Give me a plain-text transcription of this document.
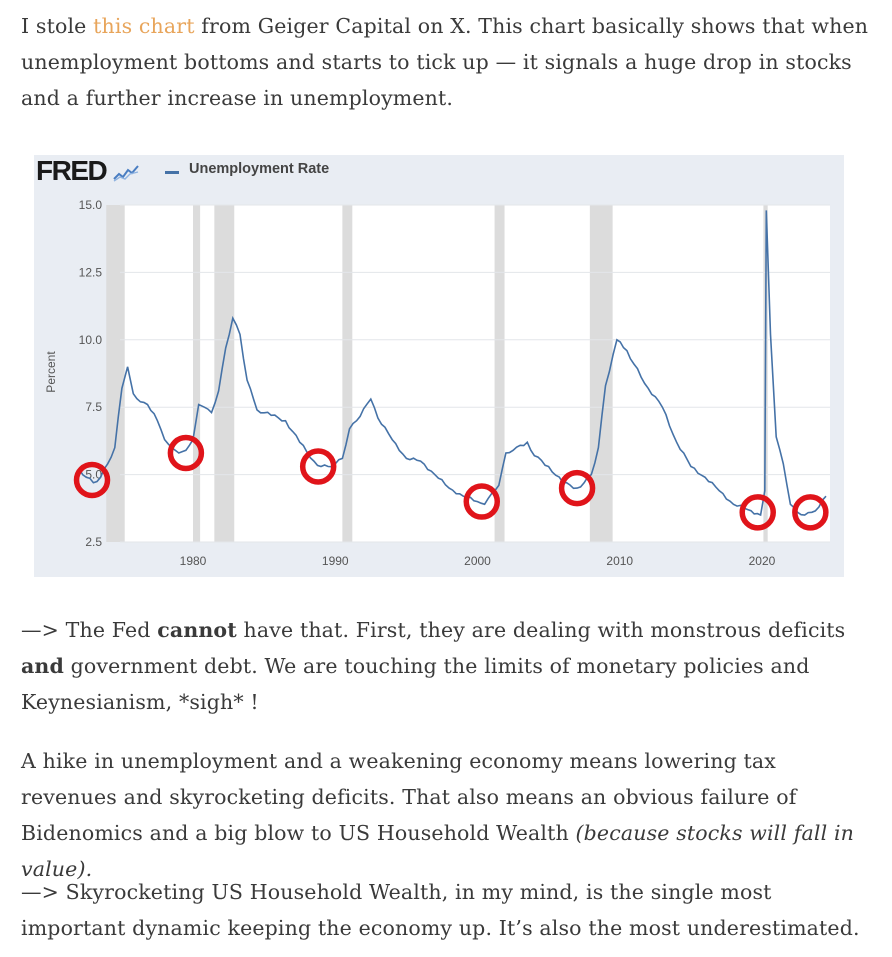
I stole this chart from Geiger Capital on X. This chart basically shows that when unemployment bottoms and starts to tick up — it signals a huge drop in stocks and a further increase in unemployment.

FRED	Unemployment Rate
Percent
2.5
5.0
7.5
10.0
12.5
15.0
1980	1990	2000	2010	2020

—> The Fed cannot have that. First, they are dealing with monstrous deficits and government debt. We are touching the limits of monetary policies and Keynesianism, *sigh* !

A hike in unemployment and a weakening economy means lowering tax revenues and skyrocketing deficits. That also means an obvious failure of Bidenomics and a big blow to US Household Wealth (because stocks will fall in value).

—> Skyrocketing US Household Wealth, in my mind, is the single most important dynamic keeping the economy up. It’s also the most underestimated.
